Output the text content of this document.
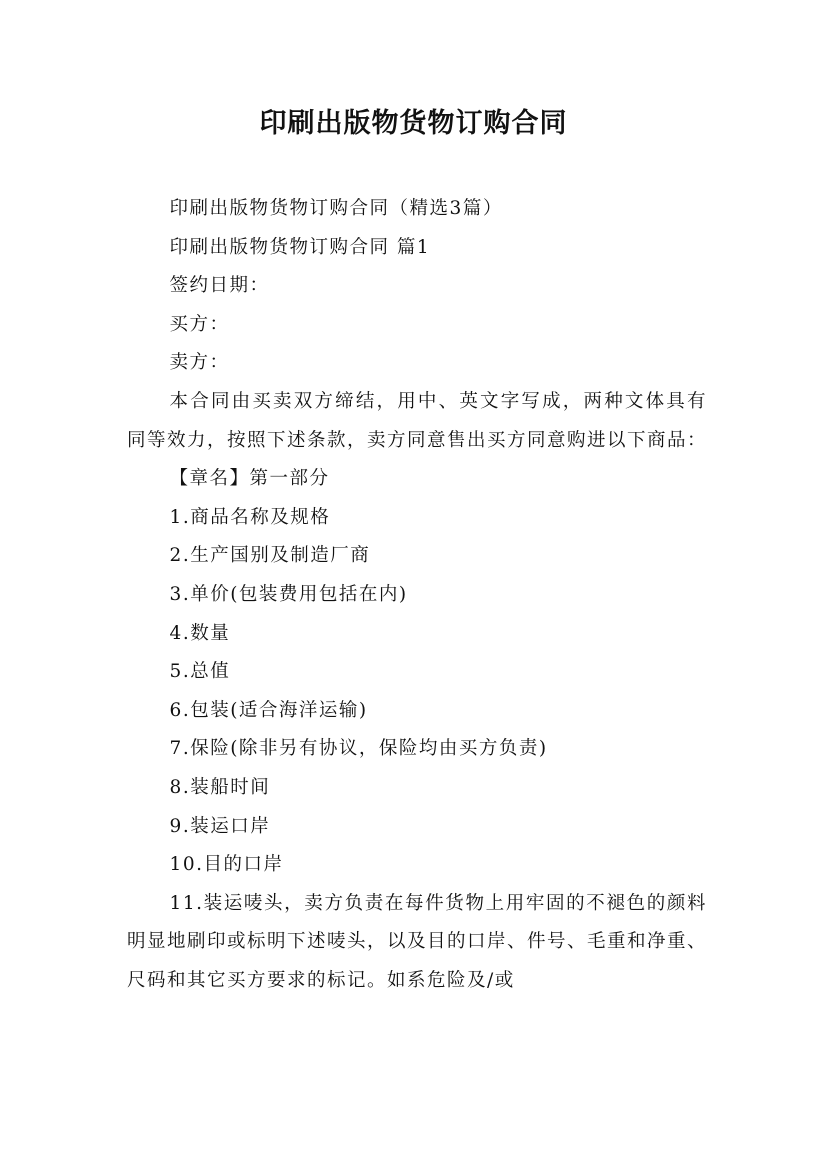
印刷出版物货物订购合同

印刷出版物货物订购合同（精选3篇）

印刷出版物货物订购合同 篇1

签约日期：

买方：

卖方：

本合同由买卖双方缔结，用中、英文字写成，两种文体具有同等效力，按照下述条款，卖方同意售出买方同意购进以下商品：

【章名】第一部分

1.商品名称及规格

2.生产国别及制造厂商

3.单价(包装费用包括在内)

4.数量

5.总值

6.包装(适合海洋运输)

7.保险(除非另有协议，保险均由买方负责)

8.装船时间

9.装运口岸

10.目的口岸

11.装运唛头，卖方负责在每件货物上用牢固的不褪色的颜料明显地刷印或标明下述唛头，以及目的口岸、件号、毛重和净重、尺码和其它买方要求的标记。如系危险及/或
